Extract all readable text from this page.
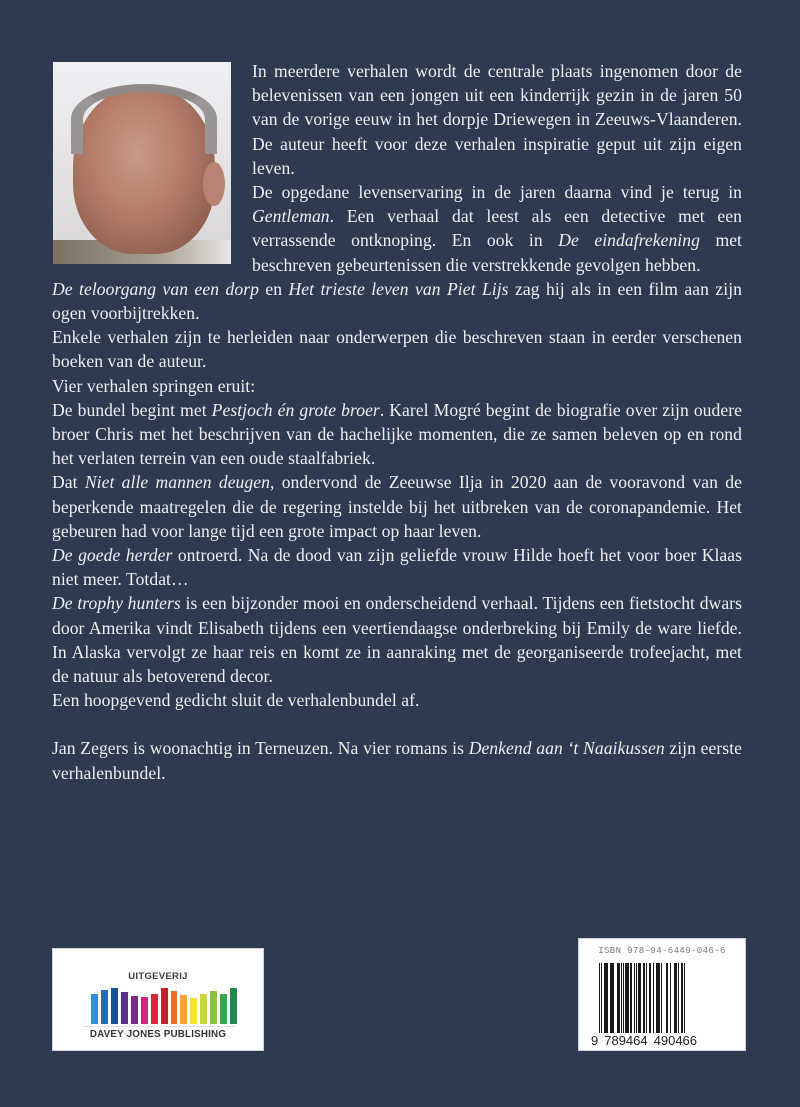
In meerdere verhalen wordt de centrale plaats ingenomen door de belevenissen van een jongen uit een kinderrijk gezin in de jaren 50 van de vorige eeuw in het dorpje Driewegen in Zeeuws-Vlaanderen. De auteur heeft voor deze verhalen inspiratie geput uit zijn eigen leven.

De opgedane levenservaring in de jaren daarna vind je terug in Gentleman. Een verhaal dat leest als een detective met een verrassende ontknoping. En ook in De eindafrekening met beschreven gebeurtenissen die verstrekkende gevolgen hebben.

De teloorgang van een dorp en Het trieste leven van Piet Lijs zag hij als in een film aan zijn ogen voorbijtrekken.

Enkele verhalen zijn te herleiden naar onderwerpen die beschreven staan in eerder verschenen boeken van de auteur.

Vier verhalen springen eruit:

De bundel begint met Pestjoch én grote broer. Karel Mogré begint de biografie over zijn oudere broer Chris met het beschrijven van de hachelijke momenten, die ze samen beleven op en rond het verlaten terrein van een oude staalfabriek.

Dat Niet alle mannen deugen, ondervond de Zeeuwse Ilja in 2020 aan de vooravond van de beperkende maatregelen die de regering instelde bij het uitbreken van de coronapandemie. Het gebeuren had voor lange tijd een grote impact op haar leven.

De goede herder ontroerd. Na de dood van zijn geliefde vrouw Hilde hoeft het voor boer Klaas niet meer. Totdat…

De trophy hunters is een bijzonder mooi en onderscheidend verhaal. Tijdens een fietstocht dwars door Amerika vindt Elisabeth tijdens een veertiendaagse onderbreking bij Emily de ware liefde. In Alaska vervolgt ze haar reis en komt ze in aanraking met de georganiseerde trofeejacht, met de natuur als betoverend decor.

Een hoopgevend gedicht sluit de verhalenbundel af.

Jan Zegers is woonachtig in Terneuzen. Na vier romans is Denkend aan ‘t Naaikussen zijn eerste verhalenbundel.

UITGEVERIJ
DAVEY JONES PUBLISHING
ISBN 978-94-6449-046-6
9 789464 490466
